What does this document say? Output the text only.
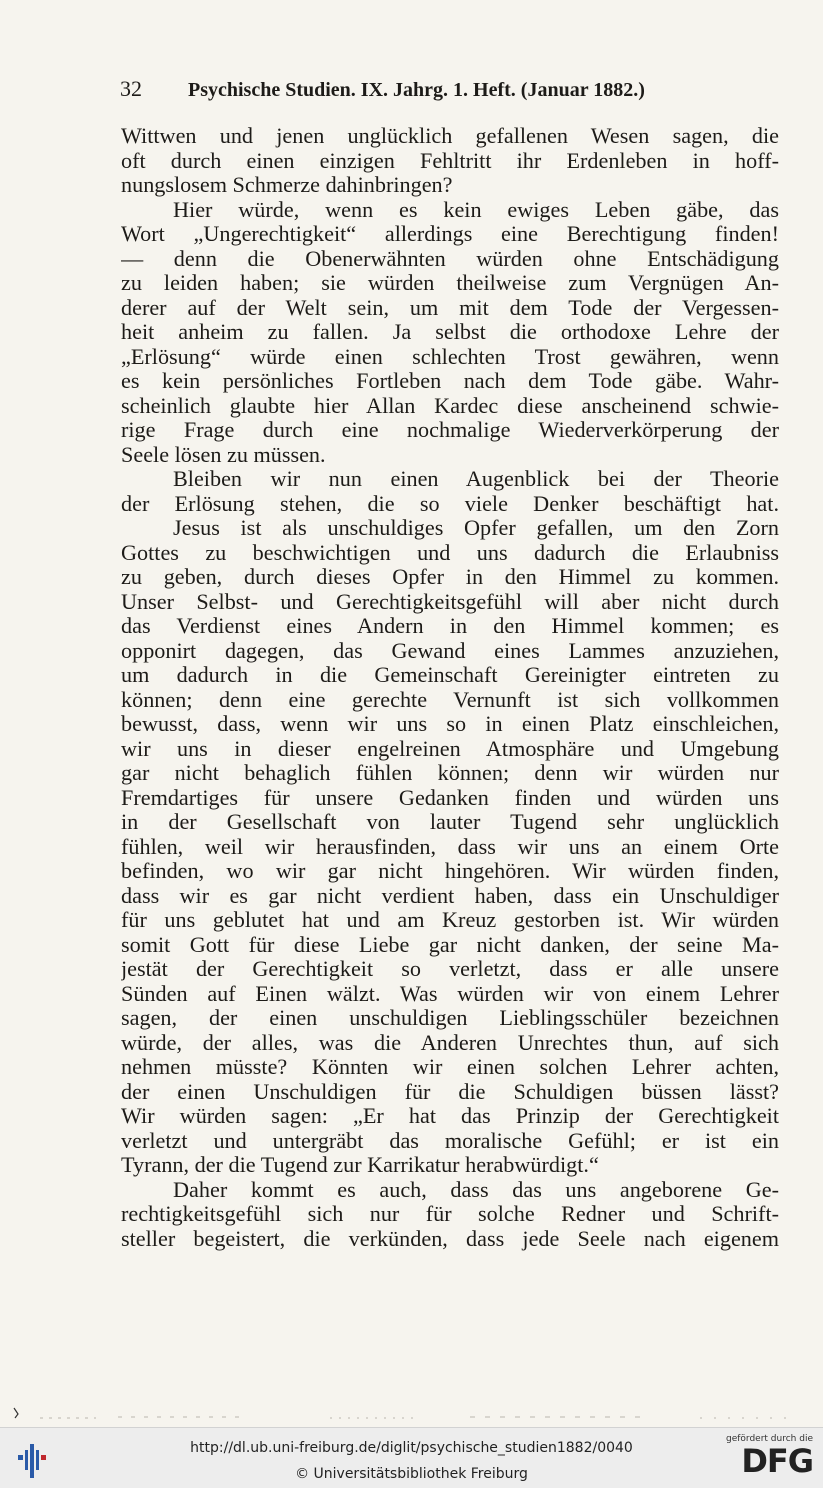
32	Psychische Studien. IX. Jahrg. 1. Heft. (Januar 1882.)
Wittwen und jenen unglücklich gefallenen Wesen sagen, die
oft durch einen einzigen Fehltritt ihr Erdenleben in hoff-
nungslosem Schmerze dahinbringen?
Hier würde, wenn es kein ewiges Leben gäbe, das
Wort „Ungerechtigkeit“ allerdings eine Berechtigung finden!
— denn die Obenerwähnten würden ohne Entschädigung
zu leiden haben; sie würden theilweise zum Vergnügen An-
derer auf der Welt sein, um mit dem Tode der Vergessen-
heit anheim zu fallen. Ja selbst die orthodoxe Lehre der
„Erlösung“ würde einen schlechten Trost gewähren, wenn
es kein persönliches Fortleben nach dem Tode gäbe. Wahr-
scheinlich glaubte hier Allan Kardec diese anscheinend schwie-
rige Frage durch eine nochmalige Wiederverkörperung der
Seele lösen zu müssen.
Bleiben wir nun einen Augenblick bei der Theorie
der Erlösung stehen, die so viele Denker beschäftigt hat.
Jesus ist als unschuldiges Opfer gefallen, um den Zorn
Gottes zu beschwichtigen und uns dadurch die Erlaubniss
zu geben, durch dieses Opfer in den Himmel zu kommen.
Unser Selbst- und Gerechtigkeitsgefühl will aber nicht durch
das Verdienst eines Andern in den Himmel kommen; es
opponirt dagegen, das Gewand eines Lammes anzuziehen,
um dadurch in die Gemeinschaft Gereinigter eintreten zu
können; denn eine gerechte Vernunft ist sich vollkommen
bewusst, dass, wenn wir uns so in einen Platz einschleichen,
wir uns in dieser engelreinen Atmosphäre und Umgebung
gar nicht behaglich fühlen können; denn wir würden nur
Fremdartiges für unsere Gedanken finden und würden uns
in der Gesellschaft von lauter Tugend sehr unglücklich
fühlen, weil wir herausfinden, dass wir uns an einem Orte
befinden, wo wir gar nicht hingehören. Wir würden finden,
dass wir es gar nicht verdient haben, dass ein Unschuldiger
für uns geblutet hat und am Kreuz gestorben ist. Wir würden
somit Gott für diese Liebe gar nicht danken, der seine Ma-
jestät der Gerechtigkeit so verletzt, dass er alle unsere
Sünden auf Einen wälzt. Was würden wir von einem Lehrer
sagen, der einen unschuldigen Lieblingsschüler bezeichnen
würde, der alles, was die Anderen Unrechtes thun, auf sich
nehmen müsste? Könnten wir einen solchen Lehrer achten,
der einen Unschuldigen für die Schuldigen büssen lässt?
Wir würden sagen: „Er hat das Prinzip der Gerechtigkeit
verletzt und untergräbt das moralische Gefühl; er ist ein
Tyrann, der die Tugend zur Karrikatur herabwürdigt.“
Daher kommt es auch, dass das uns angeborene Ge-
rechtigkeitsgefühl sich nur für solche Redner und Schrift-
steller begeistert, die verkünden, dass jede Seele nach eigenem
http://dl.ub.uni-freiburg.de/diglit/psychische_studien1882/0040
© Universitätsbibliothek Freiburg
gefördert durch die
DFG
